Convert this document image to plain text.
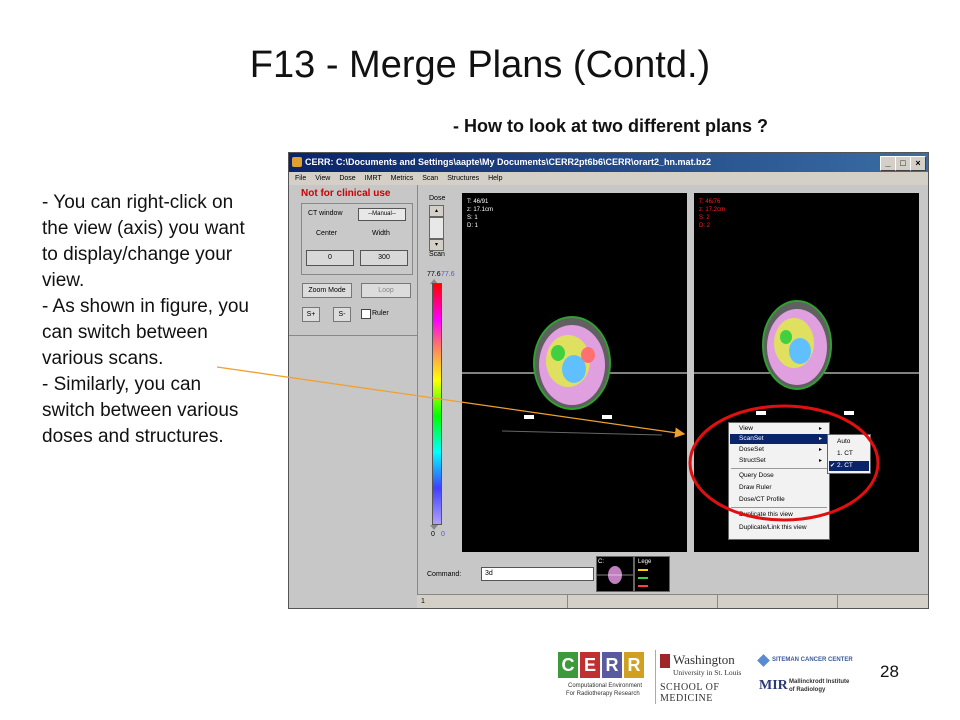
F13 - Merge Plans (Contd.)
- How to look at two different plans ?
- You can right-click on the view (axis) you want to display/change your view.
- As shown in figure, you can switch between various scans.
- Similarly, you can switch between various doses and structures.
CERR: C:\Documents and Settings\aapte\My Documents\CERR2pt6b6\CERR\orart2_hn.mat.bz2	_	□	×
File View Dose IMRT Metrics Scan Structures Help
Not for clinical use
CT window	--Manual--
Center	Width
0	300
Zoom Mode	Loop
S+	S-	Ruler
Dose
▴
▾
Scan
77.6 77.6
0 0
T: 46/91
z: 17.1cm
S: 1
D: 1
T: 46/76
z: 17.2cm
S: 2
D: 2
View	▸
ScanSet	▸
DoseSet	▸
StructSet	▸
Query Dose
Draw Ruler
Dose/CT Profile
Duplicate this view
Duplicate/Link this view
Auto
1. CT
2. CT
✔
C:	Lege
Command:	3d
1
C E R R
Computational Environment
For Radiotherapy Research
Washington
University in St. Louis
SCHOOL OF MEDICINE
SITEMAN CANCER CENTER
MIR Mallinckrodt Institute
of Radiology
28
